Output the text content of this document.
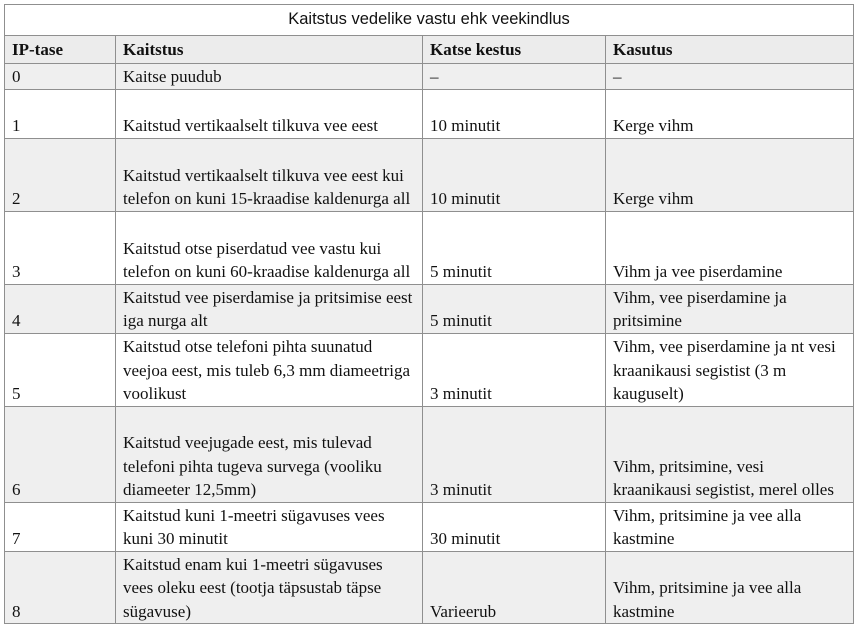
Kaitstus vedelike vastu ehk veekindlus			
IP-tase	Kaitstus	Katse kestus	Kasutus
0	Kaitse puudub	–	–
1	Kaitstud vertikaalselt tilkuva vee eest	10 minutit	Kerge vihm
2	Kaitstud vertikaalselt tilkuva vee eest kui telefon on kuni 15-kraadise kaldenurga all	10 minutit	Kerge vihm
3	Kaitstud otse piserdatud vee vastu kui telefon on kuni 60-kraadise kaldenurga all	5 minutit	Vihm ja vee piserdamine
4	Kaitstud vee piserdamise ja pritsimise eest iga nurga alt	5 minutit	Vihm, vee piserdamine ja pritsimine
5	Kaitstud otse telefoni pihta suunatud veejoa eest, mis tuleb 6,3 mm diameetriga voolikust	3 minutit	Vihm, vee piserdamine ja nt vesi kraanikausi segistist (3 m kauguselt)
6	Kaitstud veejugade eest, mis tulevad telefoni pihta tugeva survega (vooliku diameeter 12,5mm)	3 minutit	Vihm, pritsimine, vesi kraanikausi segistist, merel olles
7	Kaitstud kuni 1-meetri sügavuses vees kuni 30 minutit	30 minutit	Vihm, pritsimine ja vee alla kastmine
8	Kaitstud enam kui 1-meetri sügavuses vees oleku eest (tootja täpsustab täpse sügavuse)	Varieerub	Vihm, pritsimine ja vee alla kastmine
